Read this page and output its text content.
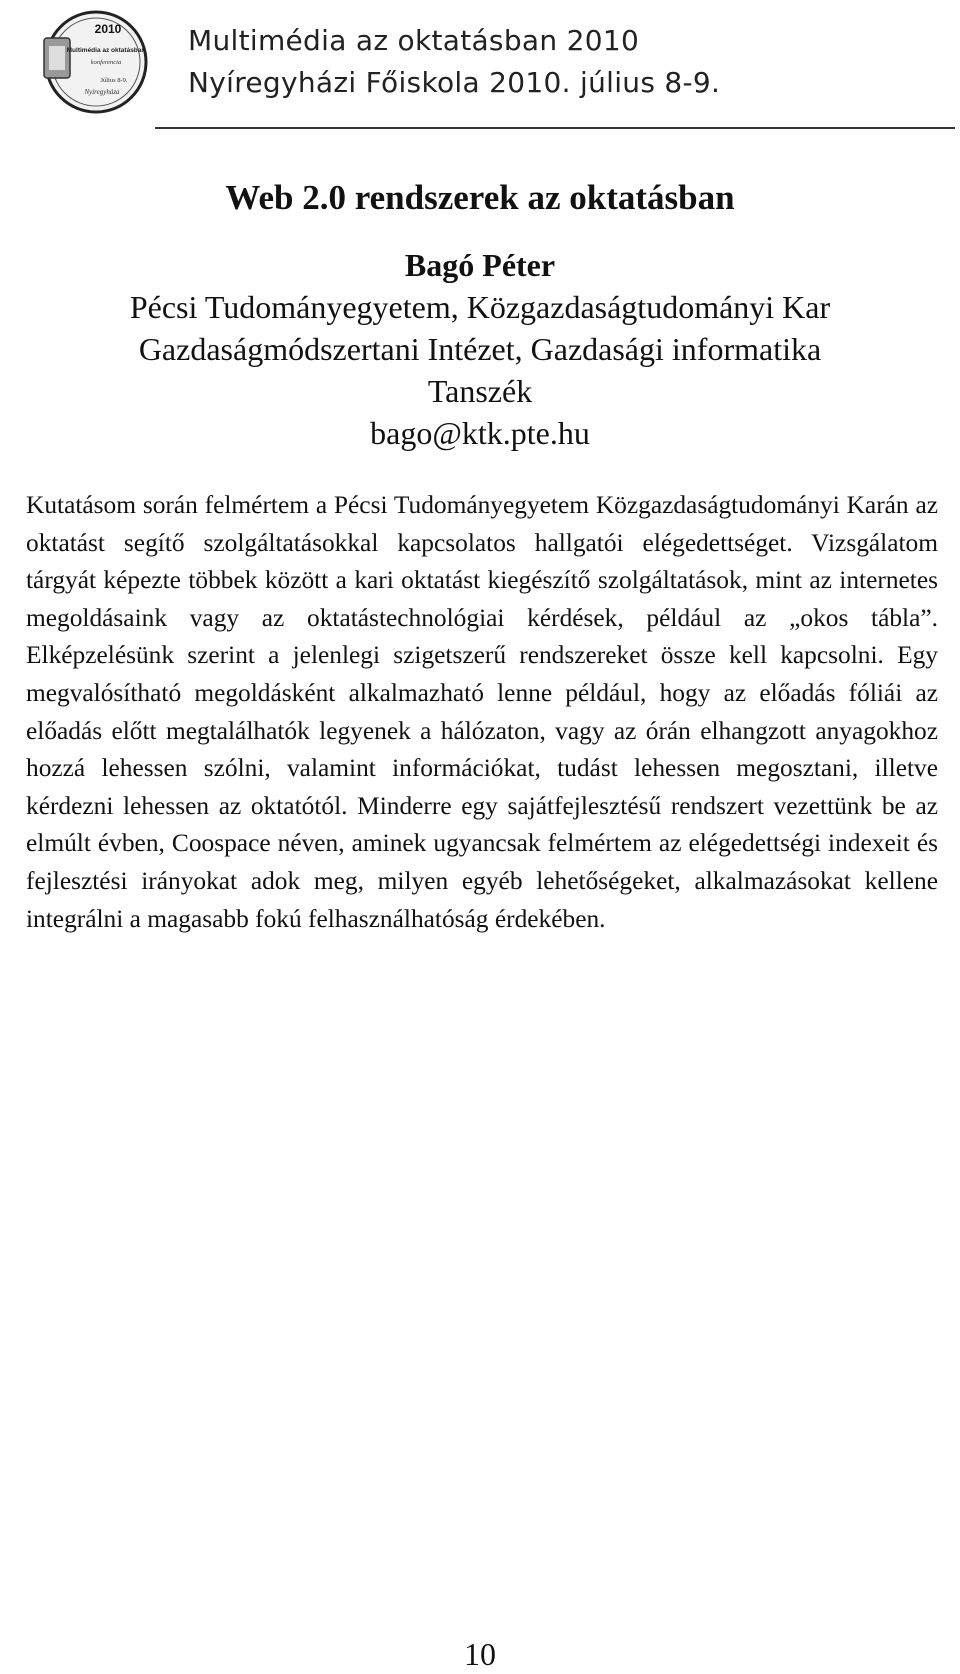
2010
Multimédia az oktatásban
konferencia
Július 8-9.
Nyíregyháza
Multimédia az oktatásban 2010
Nyíregyházi Főiskola 2010. július 8-9.
Web 2.0 rendszerek az oktatásban
Bagó Péter
Pécsi Tudományegyetem, Közgazdaságtudományi Kar
Gazdaságmódszertani Intézet, Gazdasági informatika
Tanszék
bago@ktk.pte.hu

Kutatásom során felmértem a Pécsi Tudományegyetem Közgazdaságtudományi Karán az oktatást segítő szolgáltatásokkal kapcsolatos hallgatói elégedettséget. Vizsgálatom tárgyát képezte többek között a kari oktatást kiegészítő szolgáltatások, mint az internetes megoldásaink vagy az oktatástechnológiai kérdések, például az „okos tábla”. Elképzelésünk szerint a jelenlegi szigetszerű rendszereket össze kell kapcsolni. Egy megvalósítható megoldásként alkalmazható lenne például, hogy az előadás fóliái az előadás előtt megtalálhatók legyenek a hálózaton, vagy az órán elhangzott anyagokhoz hozzá lehessen szólni, valamint információkat, tudást lehessen megosztani, illetve kérdezni lehessen az oktatótól. Minderre egy sajátfejlesztésű rendszert vezettünk be az elmúlt évben, Coospace néven, aminek ugyancsak felmértem az elégedettségi indexeit és fejlesztési irányokat adok meg, milyen egyéb lehetőségeket, alkalmazásokat kellene integrálni a magasabb fokú felhasználhatóság érdekében.

10
